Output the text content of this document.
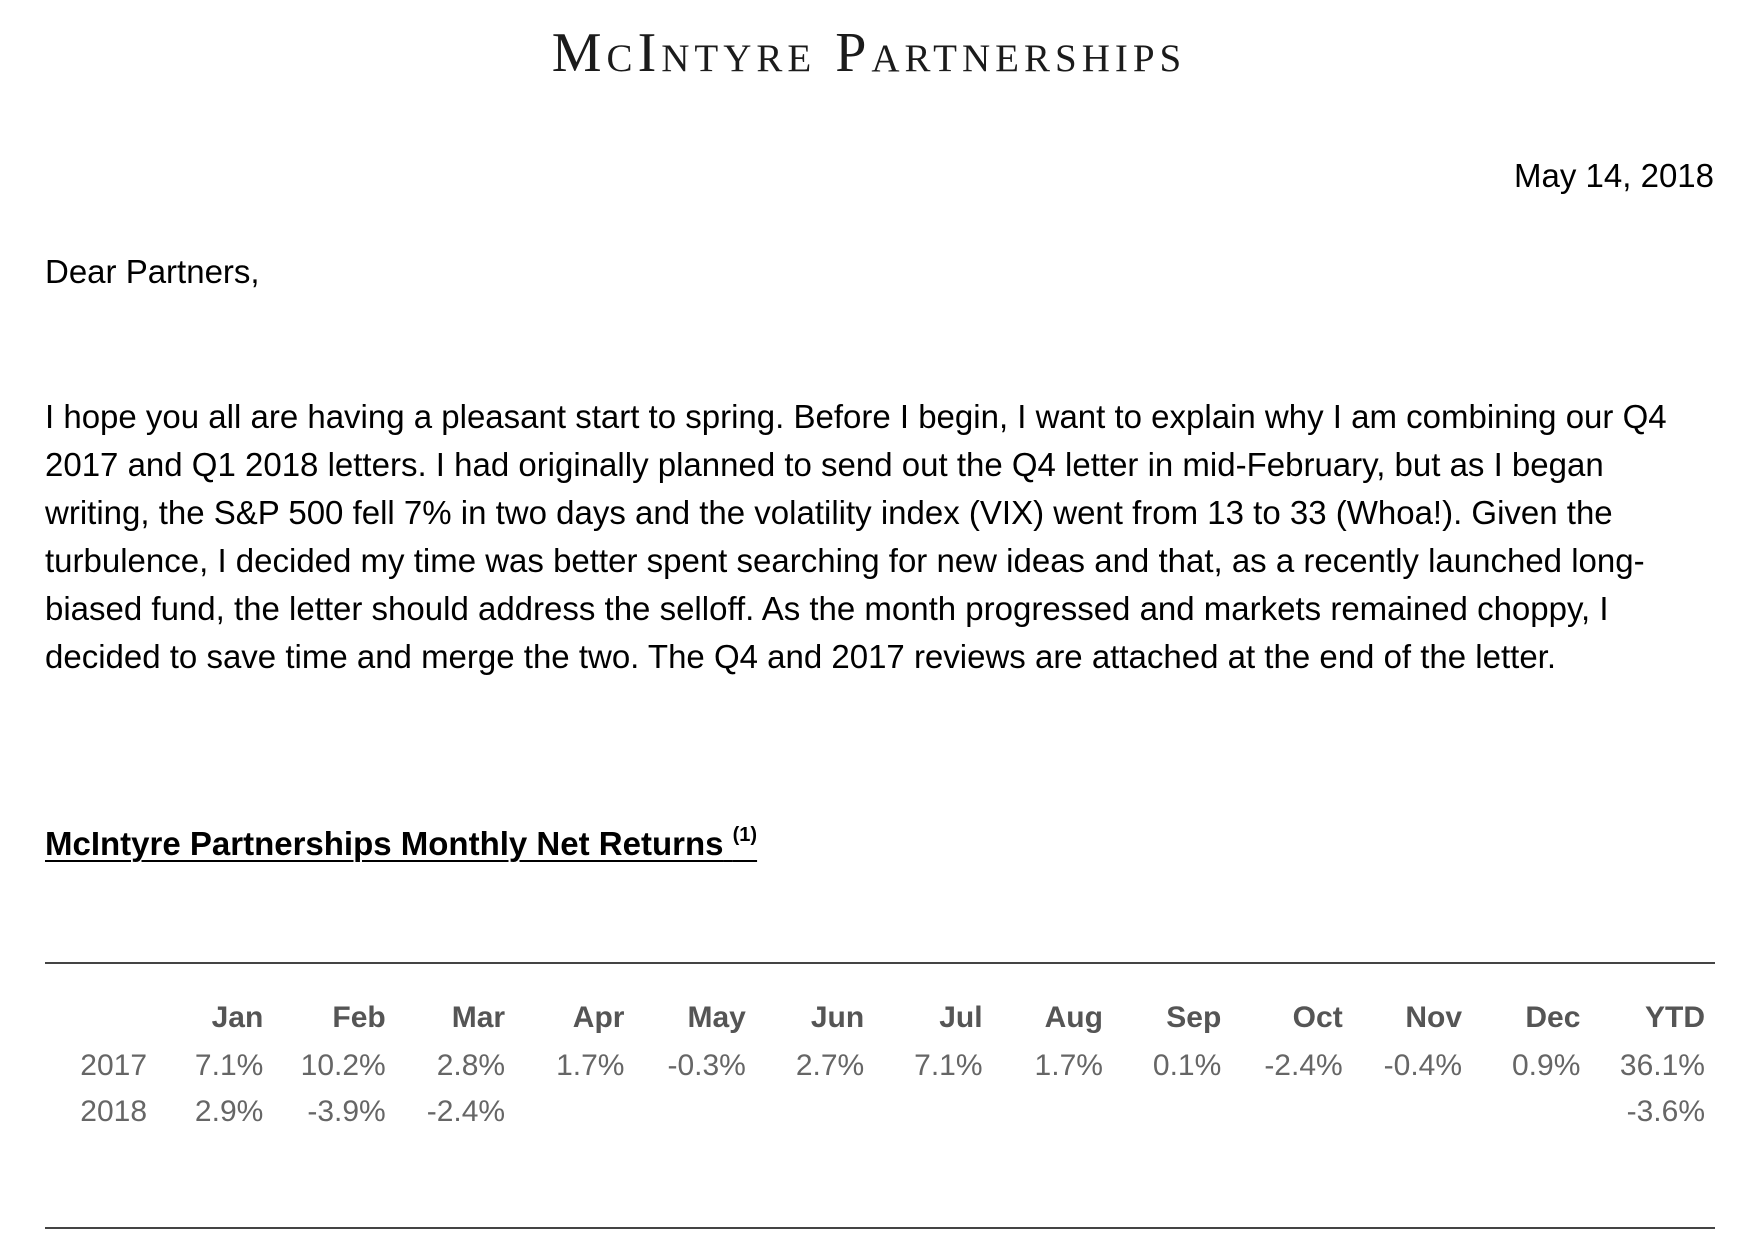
McIntyre Partnerships
May 14, 2018
Dear Partners,
I hope you all are having a pleasant start to spring. Before I begin, I want to explain why I am combining our Q4 2017 and Q1 2018 letters. I had originally planned to send out the Q4 letter in mid-February, but as I began writing, the S&P 500 fell 7% in two days and the volatility index (VIX) went from 13 to 33 (Whoa!). Given the turbulence, I decided my time was better spent searching for new ideas and that, as a recently launched long-biased fund, the letter should address the selloff. As the month progressed and markets remained choppy, I decided to save time and merge the two. The Q4 and 2017 reviews are attached at the end of the letter.
McIntyre Partnerships Monthly Net Returns $^{(1)}$
	Jan	Feb	Mar	Apr	May	Jun	Jul	Aug	Sep	Oct	Nov	Dec	YTD
2017	7.1%	10.2%	2.8%	1.7%	-0.3%	2.7%	7.1%	1.7%	0.1%	-2.4%	-0.4%	0.9%	36.1%
2018	2.9%	-3.9%	-2.4%										-3.6%
